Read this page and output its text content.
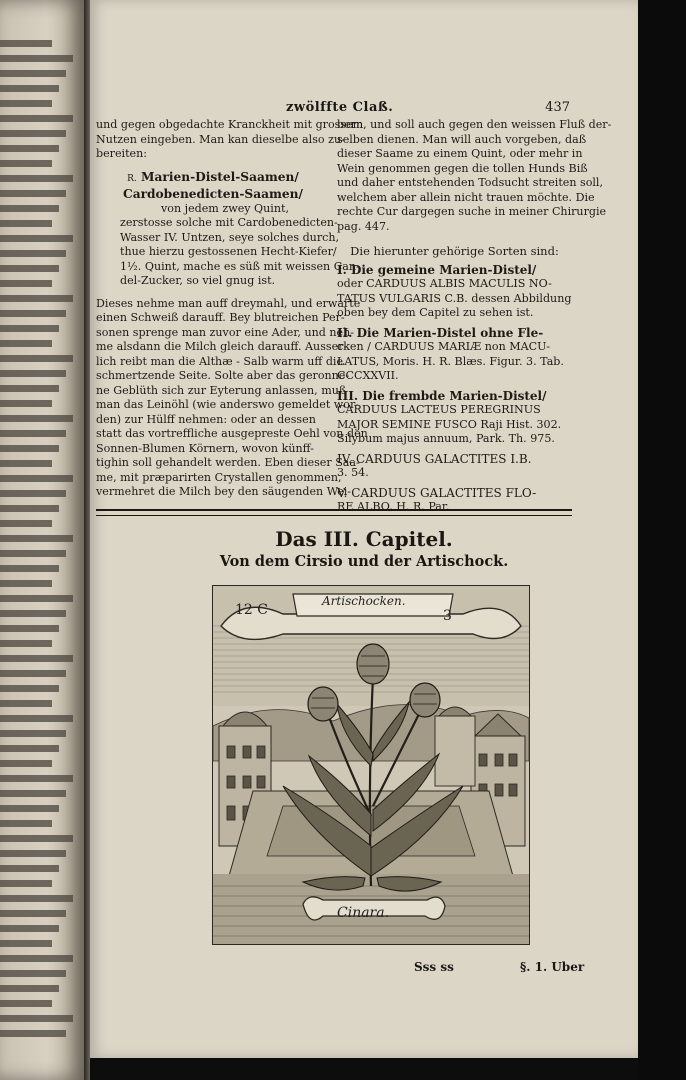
zwölffte Claß.	437
und gegen obgedachte Kranckheit mit grossem
Nutzen eingeben. Man kan dieselbe also zu-
bereiten:
R. Marien-Distel-Saamen/
Cardobenedicten-Saamen/
von jedem zwey Quint,
zerstosse solche mit Cardobenedicten-
Wasser IV. Untzen, seye solches durch,
thue hierzu gestossenen Hecht-Kiefer/
1½. Quint, mache es süß mit weissen Can-
del-Zucker, so viel gnug ist.
Dieses nehme man auff dreymahl, und erwarte
einen Schweiß darauff. Bey blutreichen Per-
sonen sprenge man zuvor eine Ader, und neh-
me alsdann die Milch gleich darauff. Ausser-
lich reibt man die Althæ - Salb warm uff die
schmertzende Seite. Solte aber das geronne-
ne Geblüth sich zur Eyterung anlassen, muß
man das Leinöhl (wie anderswo gemeldet wor-
den) zur Hülff nehmen: oder an dessen
statt das vortreffliche ausgepreste Oehl von den
Sonnen-Blumen Körnern, wovon künff-
tighin soll gehandelt werden. Eben dieser Saa-
me, mit præparirten Crystallen genommen,
vermehret die Milch bey den säugenden Wei-
bern, und soll auch gegen den weissen Fluß der-
selben dienen. Man will auch vorgeben, daß
dieser Saame zu einem Quint, oder mehr in
Wein genommen gegen die tollen Hunds Biß
und daher entstehenden Todsucht streiten soll,
welchem aber allein nicht trauen möchte. Die
rechte Cur dargegen suche in meiner Chirurgie
pag. 447.
Die hierunter gehörige Sorten sind:
I. Die gemeine Marien-Distel/
oder CARDUUS ALBIS MACULIS NO-
TATUS VULGARIS C.B. dessen Abbildung
oben bey dem Capitel zu sehen ist.
II. Die Marien-Distel ohne Fle-
cken / CARDUUS MARIÆ non MACU-
LATUS, Moris. H. R. Blæs. Figur. 3. Tab.
CCCXXVII.
III. Die frembde Marien-Distel/
CARDUUS LACTEUS PEREGRINUS
MAJOR SEMINE FUSCO Raji Hist. 302.
Silybum majus annuum, Park. Th. 975.
IV. CARDUUS GALACTITES I.B.
3. 54.
V. CARDUUS GALACTITES FLO-
RE ALBO, H. R. Par.
Das III. Capitel.
Von dem Cirsio und der Artischock.
Artischocken.
12 C	3
Cinara.
Sss ss	§. 1. Uber
